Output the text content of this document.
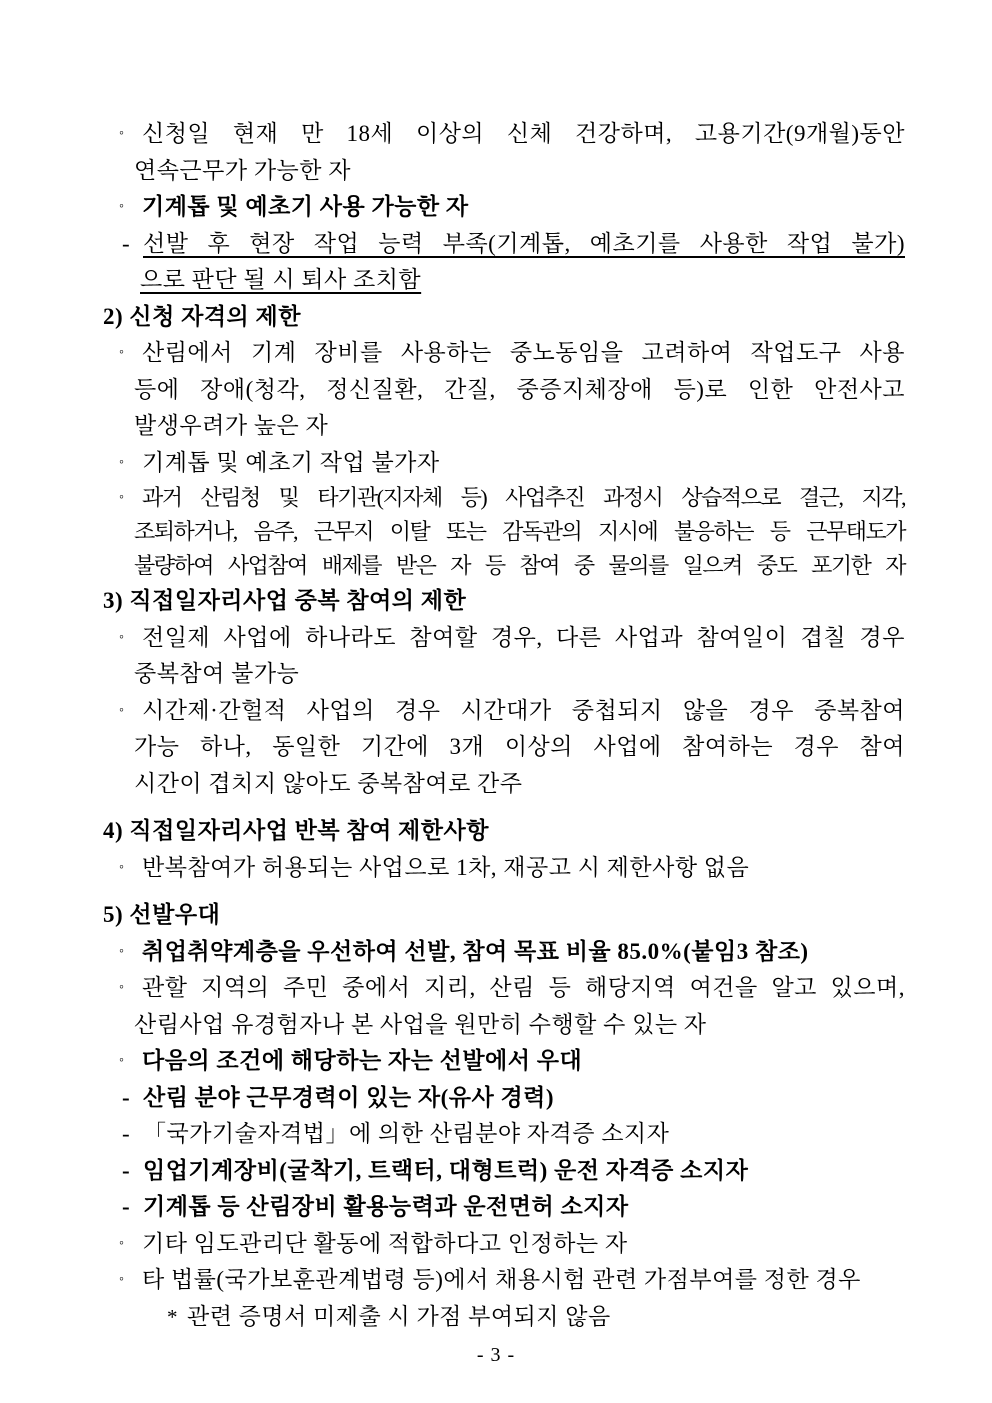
◦ 신청일 현재 만 18세 이상의 신체 건강하며, 고용기간(9개월)동안
연속근무가 가능한 자
◦ 기계톱 및 예초기 사용 가능한 자
- 선발 후 현장 작업 능력 부족(기계톱, 예초기를 사용한 작업 불가)
으로 판단 될 시 퇴사 조치함
2) 신청 자격의 제한
◦ 산림에서 기계 장비를 사용하는 중노동임을 고려하여 작업도구 사용
등에 장애(청각, 정신질환, 간질, 중증지체장애 등)로 인한 안전사고
발생우려가 높은 자
◦ 기계톱 및 예초기 작업 불가자
◦ 과거 산림청 및 타기관(지자체 등) 사업추진 과정시 상습적으로 결근, 지각,
조퇴하거나, 음주, 근무지 이탈 또는 감독관의 지시에 불응하는 등 근무태도가
불량하여 사업참여 배제를 받은 자 등 참여 중 물의를 일으켜 중도 포기한 자
3) 직접일자리사업 중복 참여의 제한
◦ 전일제 사업에 하나라도 참여할 경우, 다른 사업과 참여일이 겹칠 경우
중복참여 불가능
◦ 시간제·간헐적 사업의 경우 시간대가 중첩되지 않을 경우 중복참여
가능 하나, 동일한 기간에 3개 이상의 사업에 참여하는 경우 참여
시간이 겹치지 않아도 중복참여로 간주
4) 직접일자리사업 반복 참여 제한사항
◦ 반복참여가 허용되는 사업으로 1차, 재공고 시 제한사항 없음
5) 선발우대
◦ 취업취약계층을 우선하여 선발, 참여 목표 비율 85.0%(붙임3 참조)
◦ 관할 지역의 주민 중에서 지리, 산림 등 해당지역 여건을 알고 있으며,
산림사업 유경험자나 본 사업을 원만히 수행할 수 있는 자
◦ 다음의 조건에 해당하는 자는 선발에서 우대
- 산림 분야 근무경력이 있는 자(유사 경력)
- 「국가기술자격법」에 의한 산림분야 자격증 소지자
- 임업기계장비(굴착기, 트랙터, 대형트럭) 운전 자격증 소지자
- 기계톱 등 산림장비 활용능력과 운전면허 소지자
◦ 기타 임도관리단 활동에 적합하다고 인정하는 자
◦ 타 법률(국가보훈관계법령 등)에서 채용시험 관련 가점부여를 정한 경우
* 관련 증명서 미제출 시 가점 부여되지 않음
- 3 -
